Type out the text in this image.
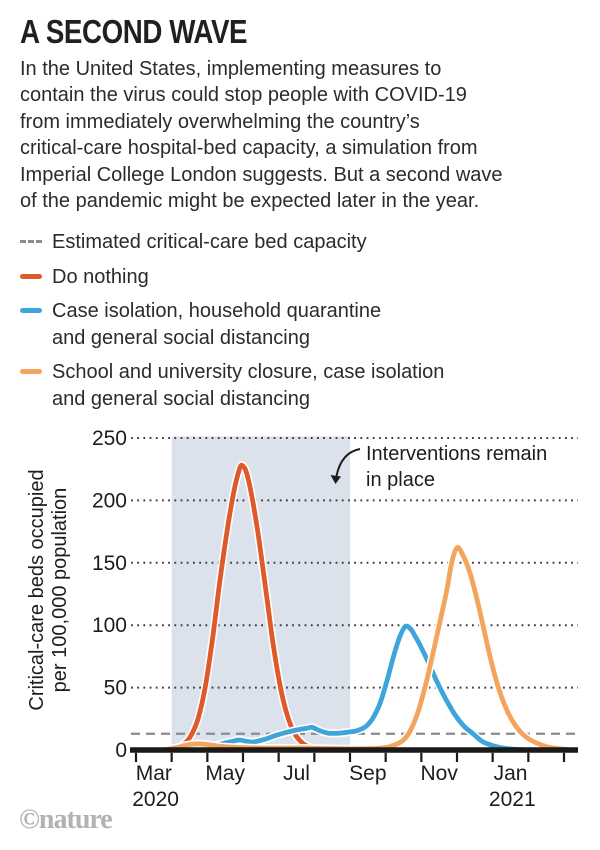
A SECOND WAVE
In the United States, implementing measures to
contain the virus could stop people with COVID-19
from immediately overwhelming the country’s
critical-care hospital-bed capacity, a simulation from
Imperial College London suggests. But a second wave
of the pandemic might be expected later in the year.
Estimated critical-care bed capacity
Do nothing
Case isolation, household quarantine
and general social distancing
School and university closure, case isolation
and general social distancing
0
50
100
150
200
250
Mar May Jul Sep Nov Jan
2020	2021
Critical-care beds occupied per 100,000 population
Interventions remain in place
©nature
